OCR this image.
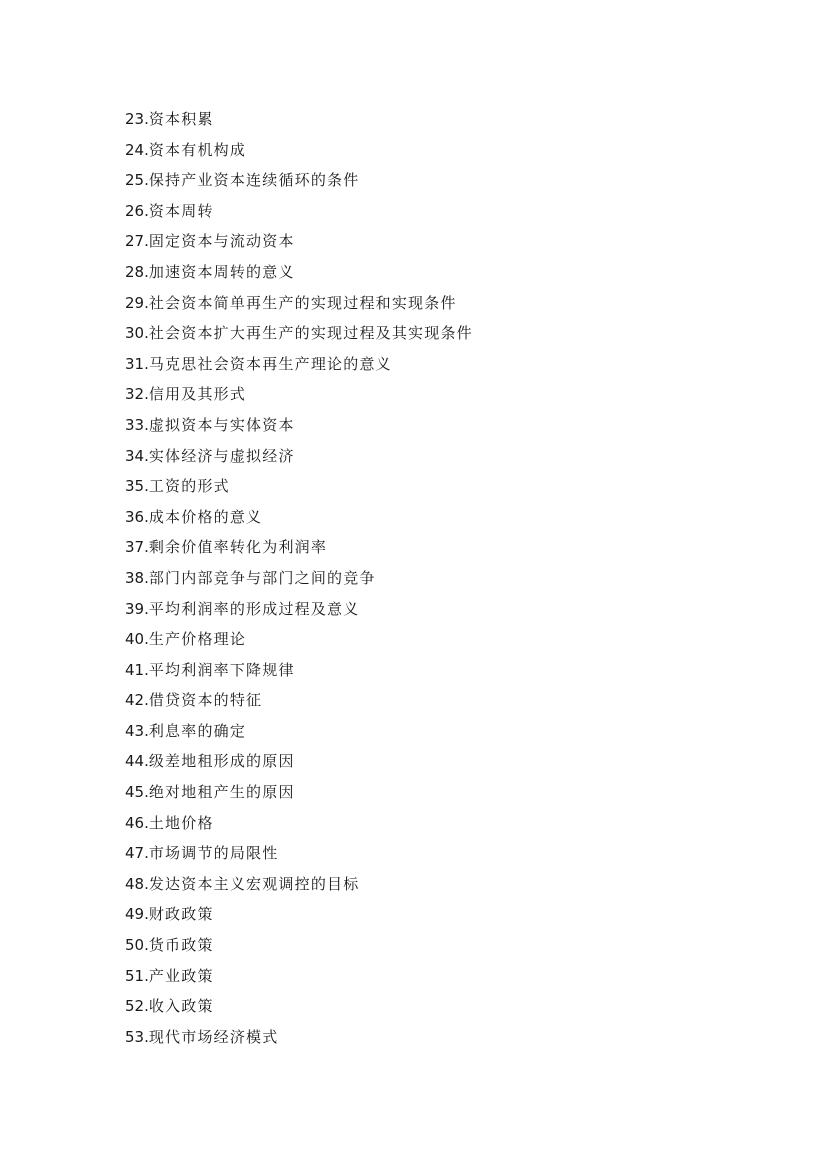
23.资本积累
24.资本有机构成
25.保持产业资本连续循环的条件
26.资本周转
27.固定资本与流动资本
28.加速资本周转的意义
29.社会资本简单再生产的实现过程和实现条件
30.社会资本扩大再生产的实现过程及其实现条件
31.马克思社会资本再生产理论的意义
32.信用及其形式
33.虚拟资本与实体资本
34.实体经济与虚拟经济
35.工资的形式
36.成本价格的意义
37.剩余价值率转化为利润率
38.部门内部竞争与部门之间的竞争
39.平均利润率的形成过程及意义
40.生产价格理论
41.平均利润率下降规律
42.借贷资本的特征
43.利息率的确定
44.级差地租形成的原因
45.绝对地租产生的原因
46.土地价格
47.市场调节的局限性
48.发达资本主义宏观调控的目标
49.财政政策
50.货币政策
51.产业政策
52.收入政策
53.现代市场经济模式
